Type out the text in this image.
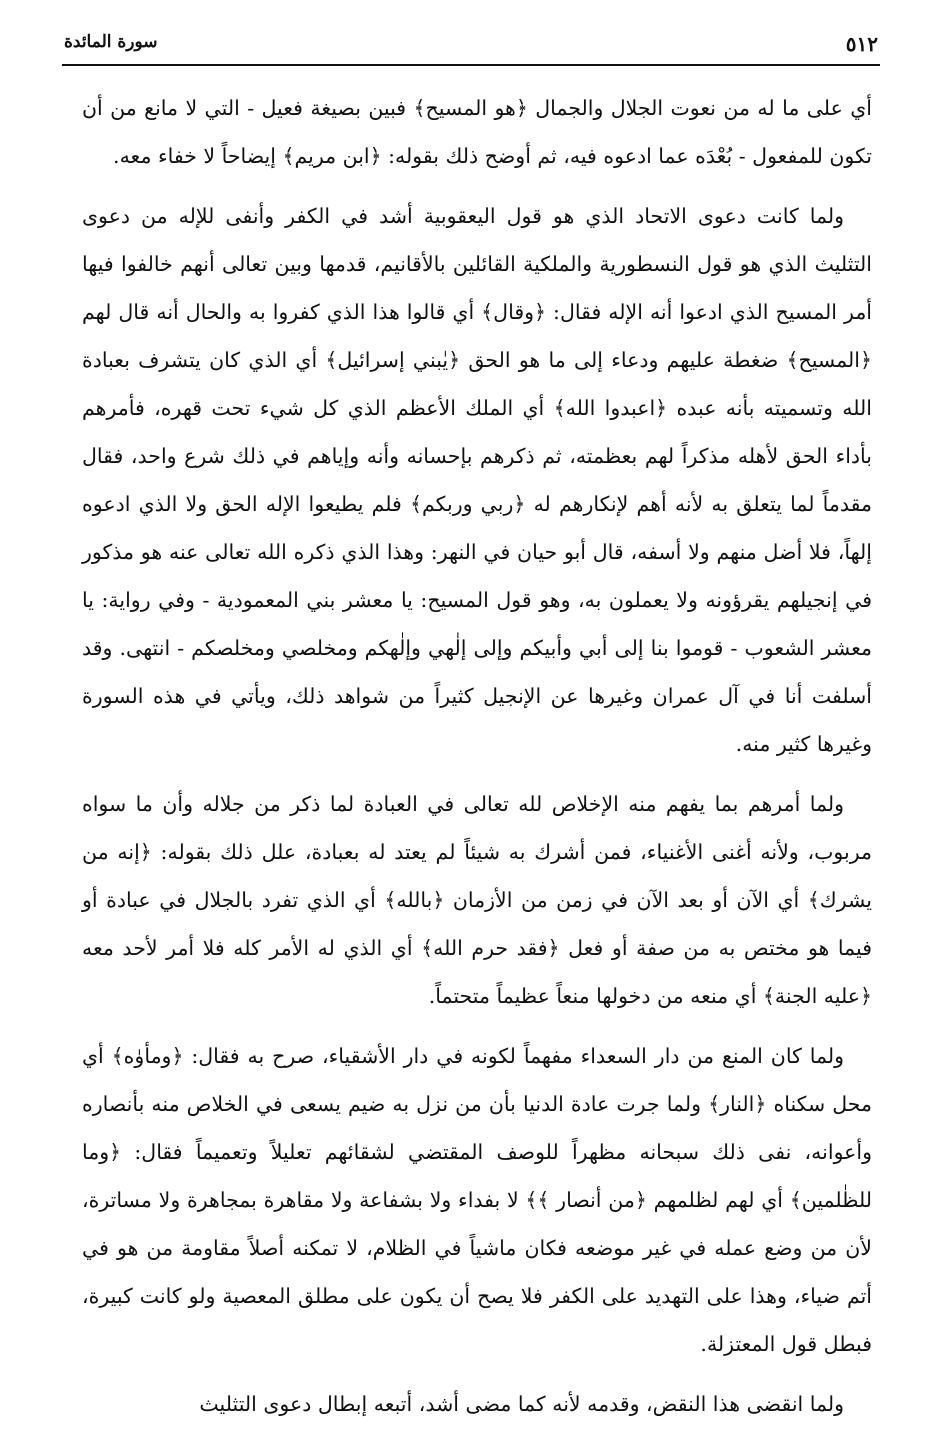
٥١٢
سورة المائدة

أي على ما له من نعوت الجلال والجمال ﴿هو المسيح﴾ فبين بصيغة فعيل - التي لا مانع من أن تكون للمفعول - بُعْدَه عما ادعوه فيه، ثم أوضح ذلك بقوله: ﴿ابن مريم﴾ إيضاحاً لا خفاء معه.

ولما كانت دعوى الاتحاد الذي هو قول اليعقوبية أشد في الكفر وأنفى للإله من دعوى التثليث الذي هو قول النسطورية والملكية القائلين بالأقانيم، قدمها وبين تعالى أنهم خالفوا فيها أمر المسيح الذي ادعوا أنه الإله فقال: ﴿وقال﴾ أي قالوا هذا الذي كفروا به والحال أنه قال لهم ﴿المسيح﴾ ضغطة عليهم ودعاء إلى ما هو الحق ﴿يٰبني إسرائيل﴾ أي الذي كان يتشرف بعبادة الله وتسميته بأنه عبده ﴿اعبدوا الله﴾ أي الملك الأعظم الذي كل شيء تحت قهره، فأمرهم بأداء الحق لأهله مذكراً لهم بعظمته، ثم ذكرهم بإحسانه وأنه وإياهم في ذلك شرع واحد، فقال مقدماً لما يتعلق به لأنه أهم لإنكارهم له ﴿ربي وربكم﴾ فلم يطيعوا الإله الحق ولا الذي ادعوه إلهاً، فلا أضل منهم ولا أسفه، قال أبو حيان في النهر: وهذا الذي ذكره الله تعالى عنه هو مذكور في إنجيلهم يقرؤونه ولا يعملون به، وهو قول المسيح: يا معشر بني المعمودية - وفي رواية: يا معشر الشعوب - قوموا بنا إلى أبي وأبيكم وإلى إلٰهي وإلٰهكم ومخلصي ومخلصكم - انتهى. وقد أسلفت أنا في آل عمران وغيرها عن الإنجيل كثيراً من شواهد ذلك، ويأتي في هذه السورة وغيرها كثير منه.

ولما أمرهم بما يفهم منه الإخلاص لله تعالى في العبادة لما ذكر من جلاله وأن ما سواه مربوب، ولأنه أغنى الأغنياء، فمن أشرك به شيئاً لم يعتد له بعبادة، علل ذلك بقوله: ﴿إنه من يشرك﴾ أي الآن أو بعد الآن في زمن من الأزمان ﴿بالله﴾ أي الذي تفرد بالجلال في عبادة أو فيما هو مختص به من صفة أو فعل ﴿فقد حرم الله﴾ أي الذي له الأمر كله فلا أمر لأحد معه ﴿عليه الجنة﴾ أي منعه من دخولها منعاً عظيماً متحتماً.

ولما كان المنع من دار السعداء مفهماً لكونه في دار الأشقياء، صرح به فقال: ﴿ومأوٰه﴾ أي محل سكناه ﴿النار﴾ ولما جرت عادة الدنيا بأن من نزل به ضيم يسعى في الخلاص منه بأنصاره وأعوانه، نفى ذلك سبحانه مظهراً للوصف المقتضي لشقائهم تعليلاً وتعميماً فقال: ﴿وما للظٰلمين﴾ أي لهم لظلمهم ﴿من أنصار ﴾﴾ لا بفداء ولا بشفاعة ولا مقاهرة بمجاهرة ولا مساترة، لأن من وضع عمله في غير موضعه فكان ماشياً في الظلام، لا تمكنه أصلاً مقاومة من هو في أتم ضياء، وهذا على التهديد على الكفر فلا يصح أن يكون على مطلق المعصية ولو كانت كبيرة، فبطل قول المعتزلة.

ولما انقضى هذا النقض، وقدمه لأنه كما مضى أشد، أتبعه إبطال دعوى التثليث
